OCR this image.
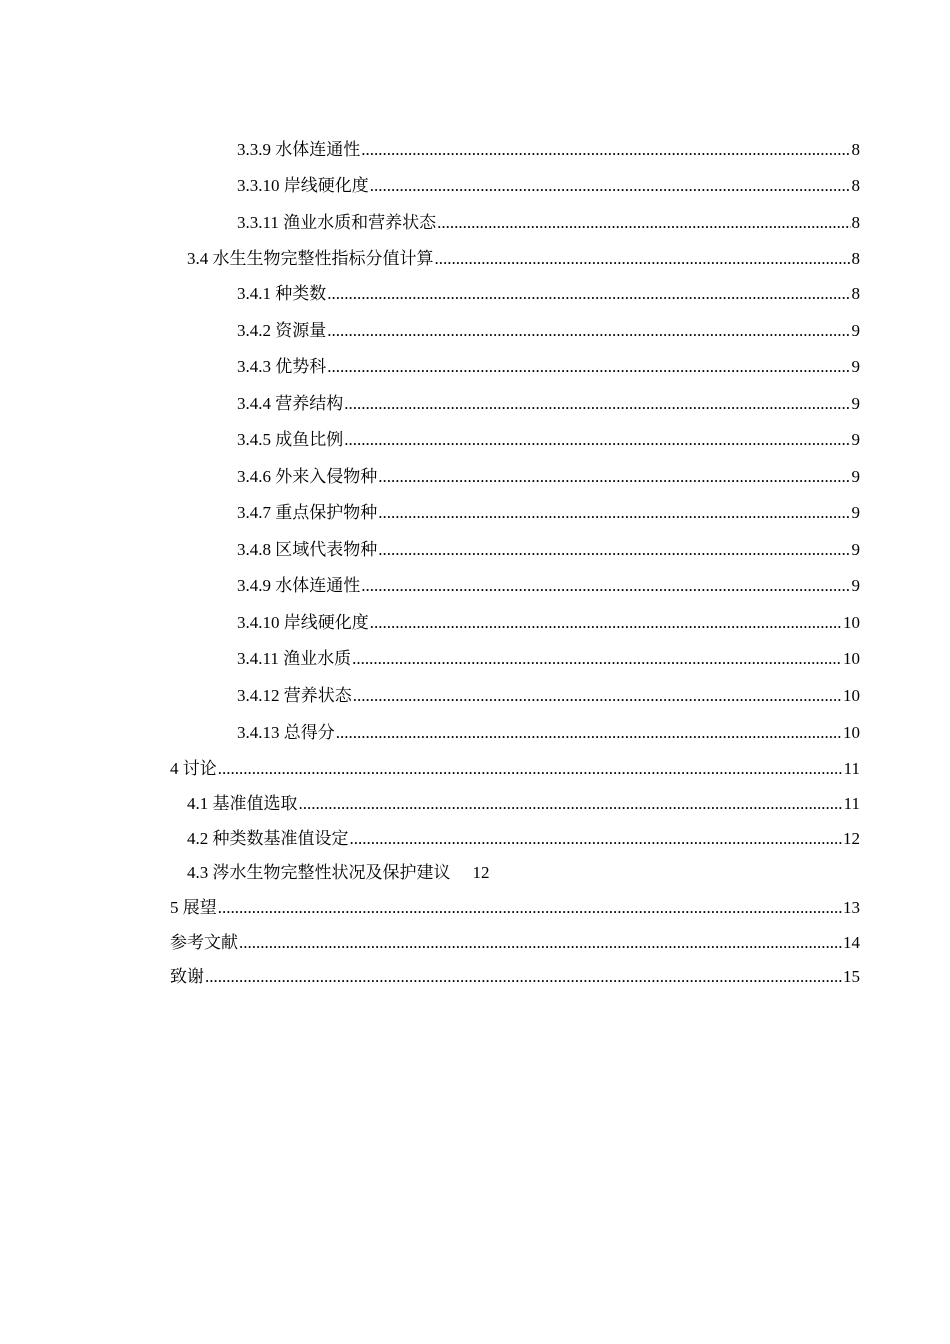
3.3.9 水体连通性 .....	8
3.3.10 岸线硬化度 .....	8
3.3.11 渔业水质和营养状态 .....	8
3.4 水生生物完整性指标分值计算 .....	8
3.4.1 种类数 .....	8
3.4.2 资源量 .....	9
3.4.3 优势科 .....	9
3.4.4 营养结构 .....	9
3.4.5 成鱼比例 .....	9
3.4.6 外来入侵物种 .....	9
3.4.7 重点保护物种 .....	9
3.4.8 区域代表物种 .....	9
3.4.9 水体连通性 .....	9
3.4.10 岸线硬化度 .....	10
3.4.11 渔业水质 .....	10
3.4.12 营养状态 .....	10
3.4.13 总得分 .....	10
4 讨论 .....	11
4.1 基准值选取 .....	11
4.2 种类数基准值设定 .....	12
4.3 涔水生物完整性状况及保护建议 12
5 展望 .....	13
参考文献 .....	14
致谢 .....	15
